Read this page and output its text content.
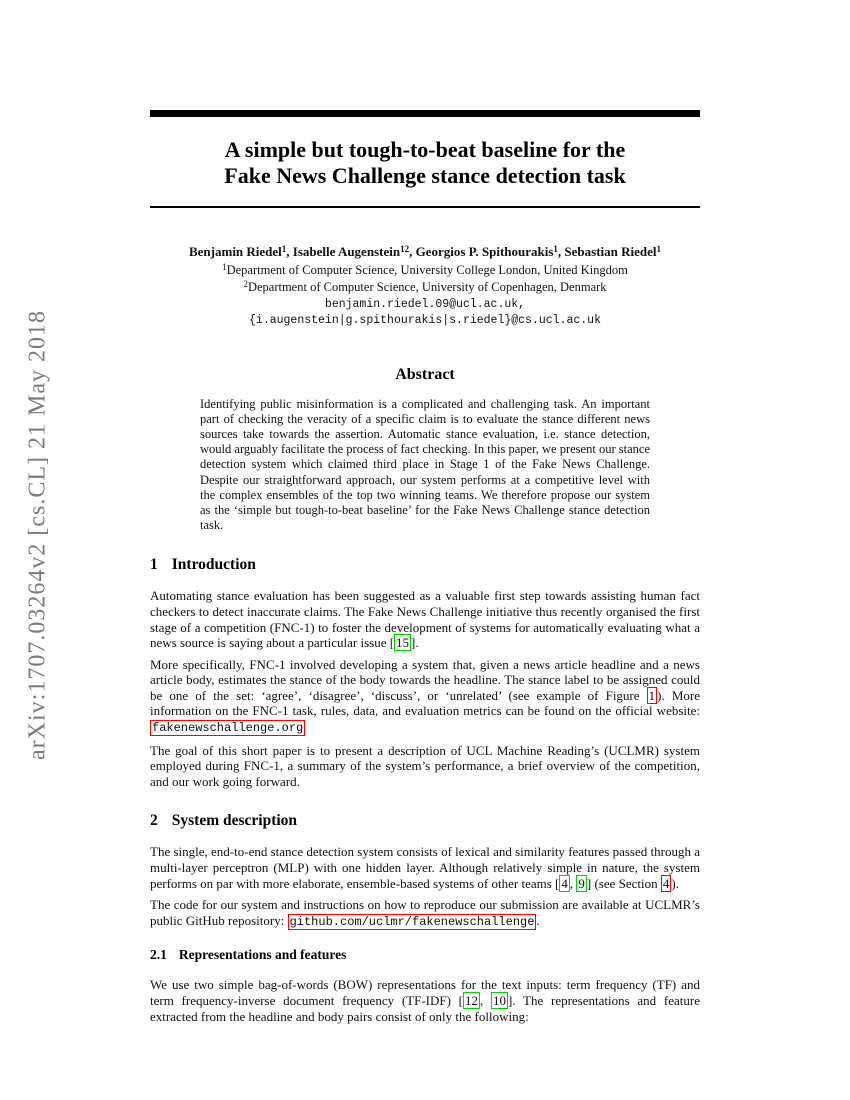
arXiv:1707.03264v2 [cs.CL] 21 May 2018
A simple but tough-to-beat baseline for the
Fake News Challenge stance detection task
Benjamin Riedel$^1$, Isabelle Augenstein$^{12}$, Georgios P. Spithourakis$^1$, Sebastian Riedel$^1$
$^1$Department of Computer Science, University College London, United Kingdom
$^2$Department of Computer Science, University of Copenhagen, Denmark
benjamin.riedel.09@ucl.ac.uk,
{i.augenstein|g.spithourakis|s.riedel}@cs.ucl.ac.uk
Abstract
Identifying public misinformation is a complicated and challenging task. An important part of checking the veracity of a specific claim is to evaluate the stance different news sources take towards the assertion. Automatic stance evaluation, i.e. stance detection, would arguably facilitate the process of fact checking. In this paper, we present our stance detection system which claimed third place in Stage 1 of the Fake News Challenge. Despite our straightforward approach, our system performs at a competitive level with the complex ensembles of the top two winning teams. We therefore propose our system as the ‘simple but tough-to-beat baseline’ for the Fake News Challenge stance detection task.
1 Introduction
Automating stance evaluation has been suggested as a valuable first step towards assisting human fact checkers to detect inaccurate claims. The Fake News Challenge initiative thus recently organised the first stage of a competition (FNC-1) to foster the development of systems for automatically evaluating what a news source is saying about a particular issue [ 15 ].
More specifically, FNC-1 involved developing a system that, given a news article headline and a news article body, estimates the stance of the body towards the headline. The stance label to be assigned could be one of the set: ‘agree’, ‘disagree’, ‘discuss’, or ‘unrelated’ (see example of Figure 1 ). More information on the FNC-1 task, rules, data, and evaluation metrics can be found on the official website: fakenewschallenge.org
The goal of this short paper is to present a description of UCL Machine Reading’s (UCLMR) system employed during FNC-1, a summary of the system’s performance, a brief overview of the competition, and our work going forward.
2 System description
The single, end-to-end stance detection system consists of lexical and similarity features passed through a multi-layer perceptron (MLP) with one hidden layer. Although relatively simple in nature, the system performs on par with more elaborate, ensemble-based systems of other teams [ 4 , 9 ] (see Section 4 ).
The code for our system and instructions on how to reproduce our submission are available at UCLMR’s public GitHub repository: github.com/uclmr/fakenewschallenge .
2.1 Representations and features
We use two simple bag-of-words (BOW) representations for the text inputs: term frequency (TF) and term frequency-inverse document frequency (TF-IDF) [ 12 , 10 ]. The representations and feature extracted from the headline and body pairs consist of only the following:
